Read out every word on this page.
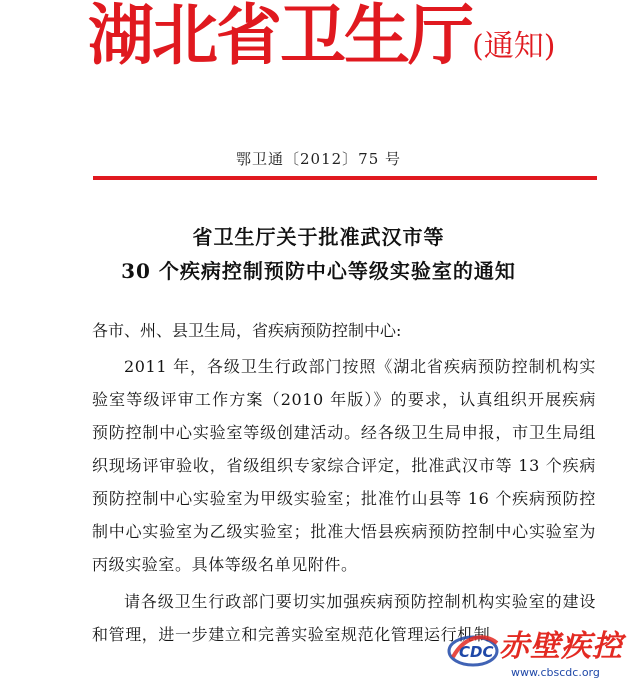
湖北省卫生厅(通知)
鄂卫通〔2012〕75 号
省卫生厅关于批准武汉市等
30 个疾病控制预防中心等级实验室的通知

各市、州、县卫生局，省疾病预防控制中心:

2011 年，各级卫生行政部门按照《湖北省疾病预防控制机构实验室等级评审工作方案（2010 年版）》的要求，认真组织开展疾病预防控制中心实验室等级创建活动。经各级卫生局申报，市卫生局组织现场评审验收，省级组织专家综合评定，批准武汉市等 13 个疾病预防控制中心实验室为甲级实验室；批准竹山县等 16 个疾病预防控制中心实验室为乙级实验室；批准大悟县疾病预防控制中心实验室为丙级实验室。具体等级名单见附件。

请各级卫生行政部门要切实加强疾病预防控制机构实验室的建设和管理，进一步建立和完善实验室规范化管理运行机制

CDC 赤壁疾控
www.cbscdc.org
